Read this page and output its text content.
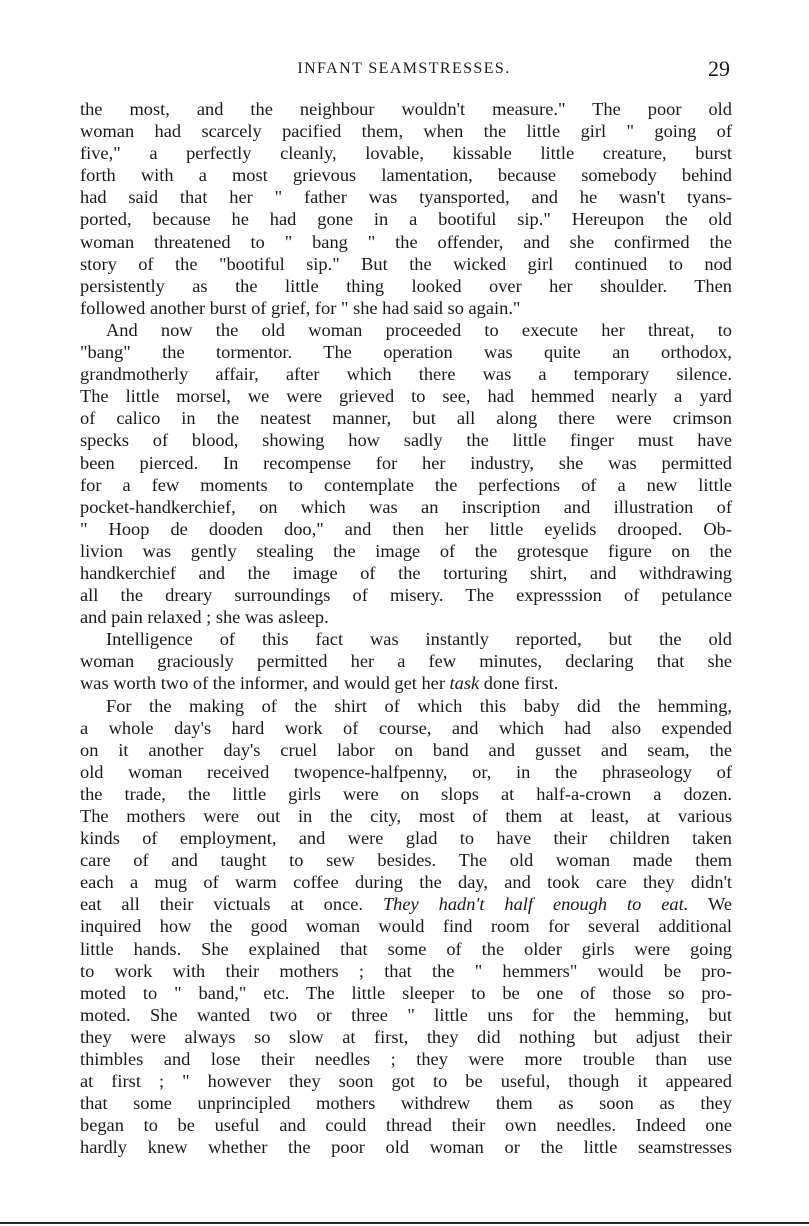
INFANT SEAMSTRESSES.	29
the most, and the neighbour wouldn't measure." The poor old
woman had scarcely pacified them, when the little girl " going of
five," a perfectly cleanly, lovable, kissable little creature, burst
forth with a most grievous lamentation, because somebody behind
had said that her " father was tyansported, and he wasn't tyans-
ported, because he had gone in a bootiful sip." Hereupon the old
woman threatened to " bang " the offender, and she confirmed the
story of the "bootiful sip." But the wicked girl continued to nod
persistently as the little thing looked over her shoulder. Then
followed another burst of grief, for " she had said so again."
And now the old woman proceeded to execute her threat, to
"bang" the tormentor. The operation was quite an orthodox,
grandmotherly affair, after which there was a temporary silence.
The little morsel, we were grieved to see, had hemmed nearly a yard
of calico in the neatest manner, but all along there were crimson
specks of blood, showing how sadly the little finger must have
been pierced. In recompense for her industry, she was permitted
for a few moments to contemplate the perfections of a new little
pocket-handkerchief, on which was an inscription and illustration of
" Hoop de dooden doo," and then her little eyelids drooped. Ob-
livion was gently stealing the image of the grotesque figure on the
handkerchief and the image of the torturing shirt, and withdrawing
all the dreary surroundings of misery. The expresssion of petulance
and pain relaxed ; she was asleep.
Intelligence of this fact was instantly reported, but the old
woman graciously permitted her a few minutes, declaring that she
was worth two of the informer, and would get her task done first.
For the making of the shirt of which this baby did the hemming,
a whole day's hard work of course, and which had also expended
on it another day's cruel labor on band and gusset and seam, the
old woman received twopence-halfpenny, or, in the phraseology of
the trade, the little girls were on slops at half-a-crown a dozen.
The mothers were out in the city, most of them at least, at various
kinds of employment, and were glad to have their children taken
care of and taught to sew besides. The old woman made them
each a mug of warm coffee during the day, and took care they didn't
eat all their victuals at once. They hadn't half enough to eat. We
inquired how the good woman would find room for several additional
little hands. She explained that some of the older girls were going
to work with their mothers ; that the " hemmers" would be pro-
moted to " band," etc. The little sleeper to be one of those so pro-
moted. She wanted two or three " little uns for the hemming, but
they were always so slow at first, they did nothing but adjust their
thimbles and lose their needles ; they were more trouble than use
at first ; " however they soon got to be useful, though it appeared
that some unprincipled mothers withdrew them as soon as they
began to be useful and could thread their own needles. Indeed one
hardly knew whether the poor old woman or the little seamstresses
